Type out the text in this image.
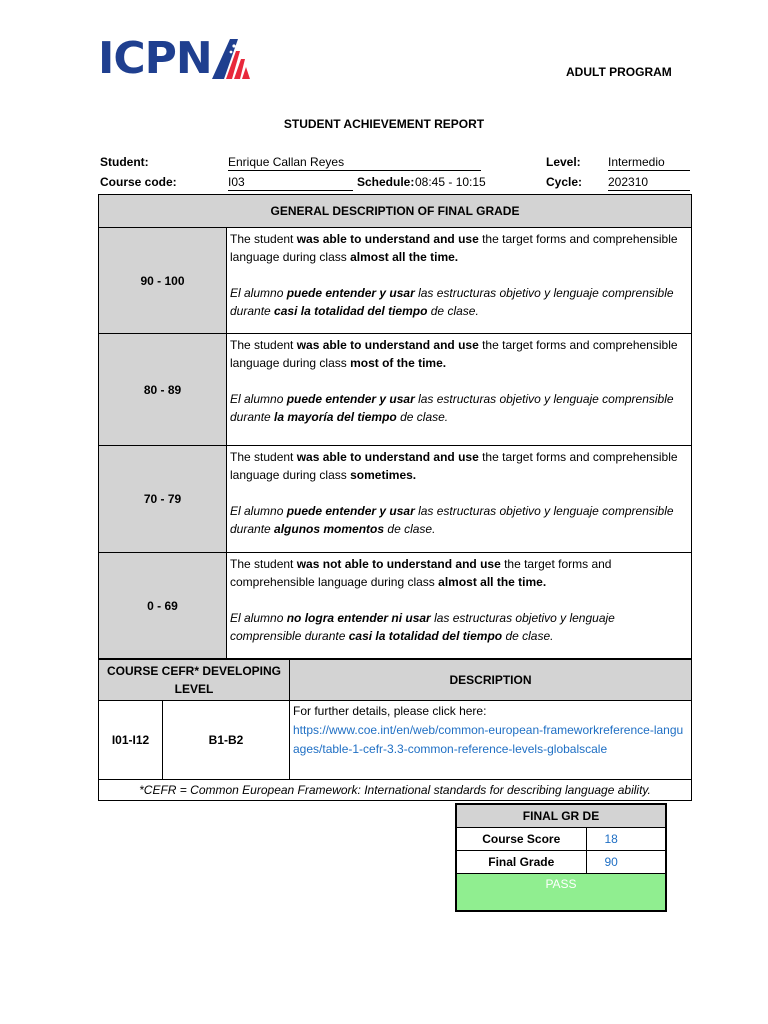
ICPN	ADULT PROGRAM
STUDENT ACHIEVEMENT REPORT
Student:	Enrique Callan Reyes	Level: Intermedio
Course code:	I03	Schedule: 08:45 - 10:15	Cycle: 202310
GENERAL DESCRIPTION OF FINAL GRADE	
90 - 100	The student was able to understand and use the target forms and comprehensible language during class almost all the time.

El alumno puede entender y usar las estructuras objetivo y lenguaje comprensible durante casi la totalidad del tiempo de clase.

80 - 89	The student was able to understand and use the target forms and comprehensible language during class most of the time.

El alumno puede entender y usar las estructuras objetivo y lenguaje comprensible durante la mayoría del tiempo de clase.

70 - 79	The student was able to understand and use the target forms and comprehensible language during class sometimes.

El alumno puede entender y usar las estructuras objetivo y lenguaje comprensible durante algunos momentos de clase.

0 - 69	The student was not able to understand and use the target forms and comprehensible language during class almost all the time.

El alumno no logra entender ni usar las estructuras objetivo y lenguaje comprensible durante casi la totalidad del tiempo de clase.

COURSE CEFR* DEVELOPING LEVEL		DESCRIPTION
I01-I12	B1-B2	For further details, please click here:
https://www.coe.int/en/web/common-european-frameworkreference-languages/table-1-cefr-3.3-common-reference-levels-globalscale

*CEFR = Common European Framework: International standards for describing language ability.		
FINAL GR DE	
Course Score	18
Final Grade	90
PASS	
